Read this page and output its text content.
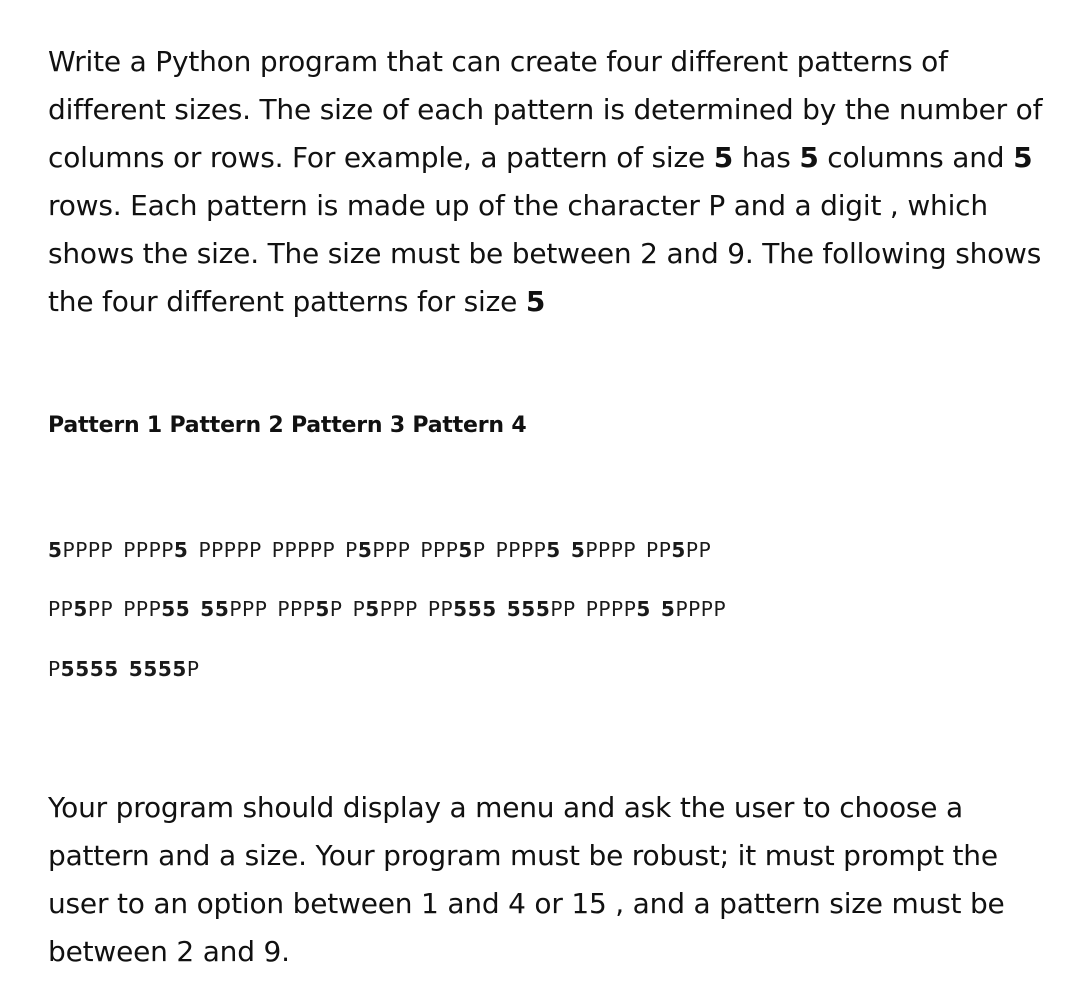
Write a Python program that can create four different patterns of
different sizes. The size of each pattern is determined by the number of
columns or rows. For example, a pattern of size 5 has 5 columns and 5
rows. Each pattern is made up of the character P and a digit , which
shows the size. The size must be between 2 and 9. The following shows
the four different patterns for size 5
Pattern 1 Pattern 2 Pattern 3 Pattern 4
5PPPP PPPP5 PPPPP PPPPP P5PPP PPP5P PPPP5 5PPPP PP5PP
PP5PP PPP55 55PPP PPP5P P5PPP PP555 555PP PPPP5 5PPPP
P5555 5555P
Your program should display a menu and ask the user to choose a
pattern and a size. Your program must be robust; it must prompt the
user to an option between 1 and 4 or 15 , and a pattern size must be
between 2 and 9.
